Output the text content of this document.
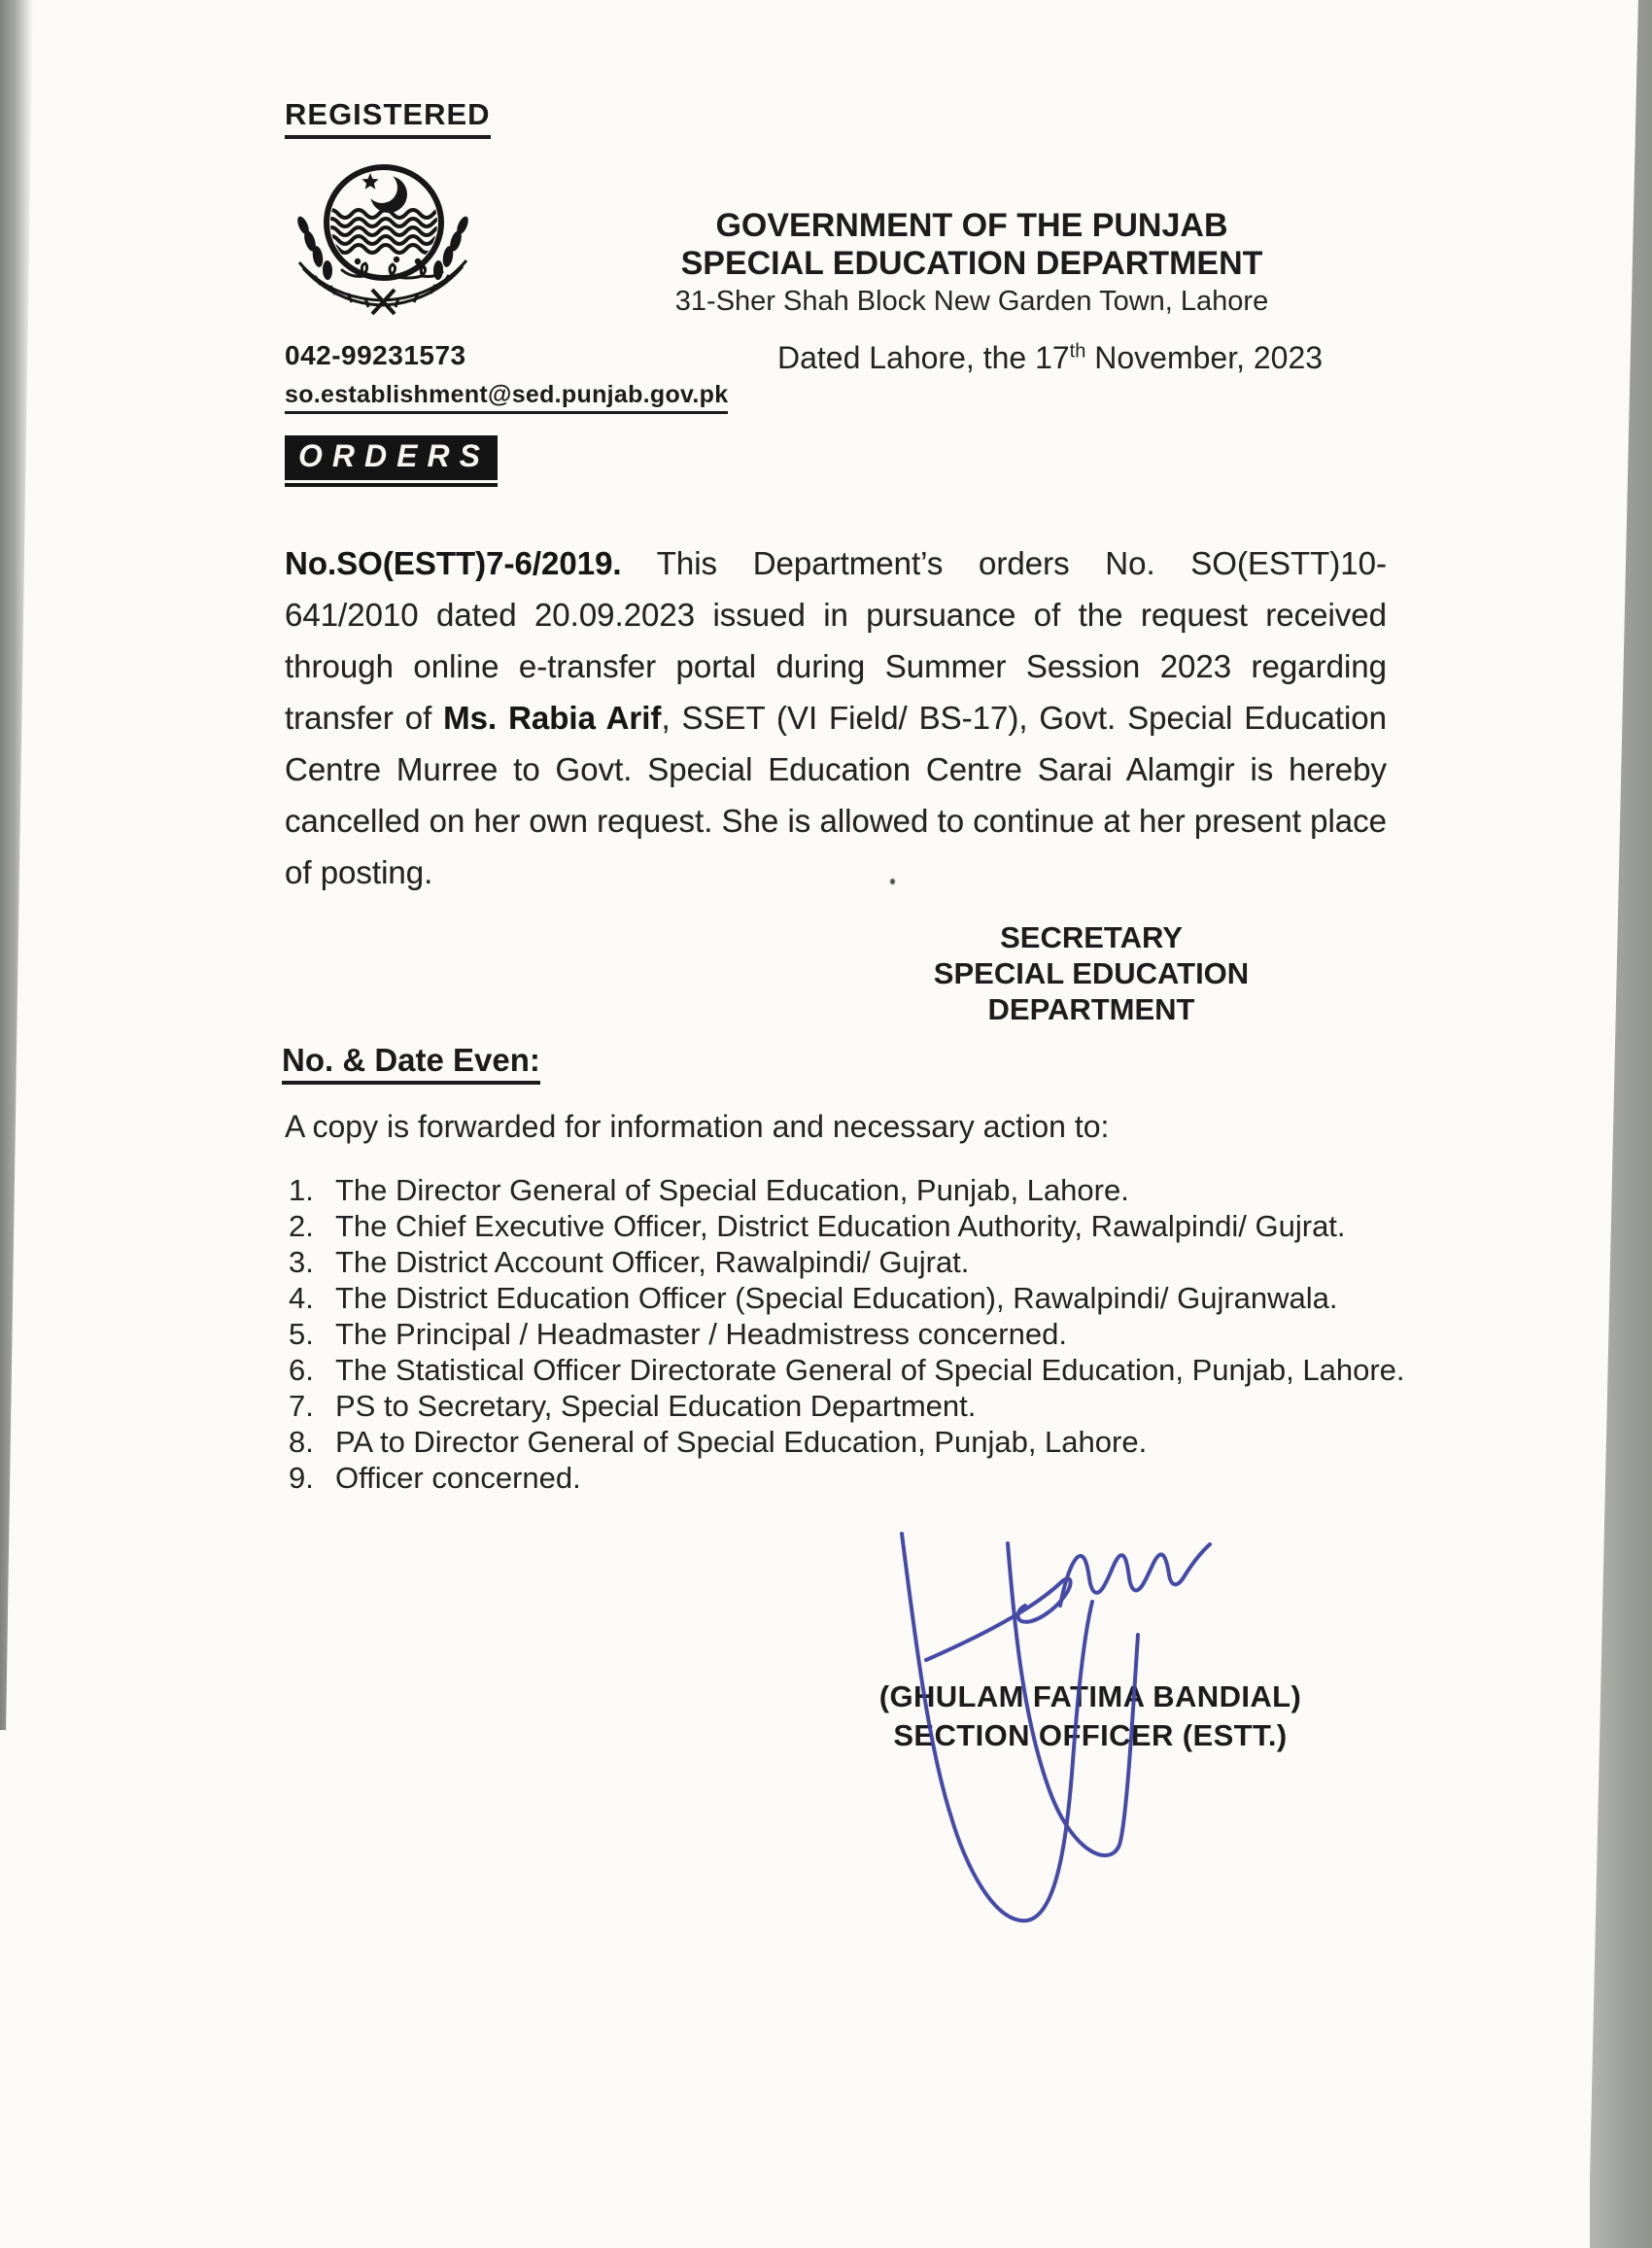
REGISTERED
GOVERNMENT OF THE PUNJAB
SPECIAL EDUCATION DEPARTMENT
31-Sher Shah Block New Garden Town, Lahore
042-99231573
so.establishment@sed.punjab.gov.pk
Dated Lahore, the 17th November, 2023
ORDERS
No.SO(ESTT)7-6/2019. This Department’s orders No. SO(ESTT)10-641/2010 dated 20.09.2023 issued in pursuance of the request received through online e-transfer portal during Summer Session 2023 regarding transfer of Ms. Rabia Arif, SSET (VI Field/ BS-17), Govt. Special Education Centre Murree to Govt. Special Education Centre Sarai Alamgir is hereby cancelled on her own request. She is allowed to continue at her present place of posting.
SECRETARY
SPECIAL EDUCATION
DEPARTMENT
No. & Date Even:
A copy is forwarded for information and necessary action to:
1. The Director General of Special Education, Punjab, Lahore.
2. The Chief Executive Officer, District Education Authority, Rawalpindi/ Gujrat.
3. The District Account Officer, Rawalpindi/ Gujrat.
4. The District Education Officer (Special Education), Rawalpindi/ Gujranwala.
5. The Principal / Headmaster / Headmistress concerned.
6. The Statistical Officer Directorate General of Special Education, Punjab, Lahore.
7. PS to Secretary, Special Education Department.
8. PA to Director General of Special Education, Punjab, Lahore.
9. Officer concerned.
(GHULAM FATIMA BANDIAL)
SECTION OFFICER (ESTT.)
